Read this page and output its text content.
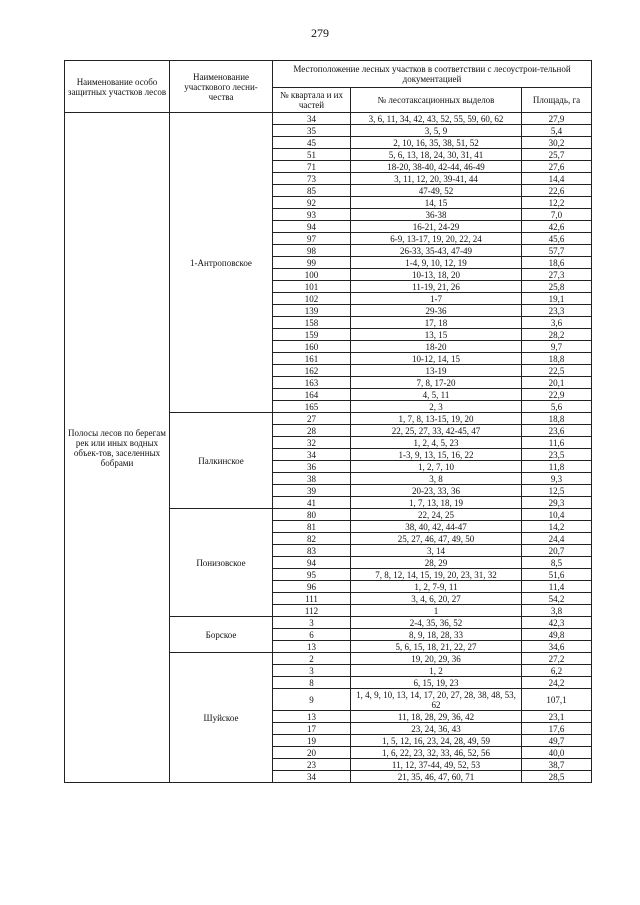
279
Наименование особо защитных участков лесов	Наименование участкового лесни-чества	Местоположение лесных участков в соответствии с лесоустрои-тельной документацией		
		№ квартала и их частей	№ лесотаксационных выделов	Площадь, га
Полосы лесов по берегам рек или иных водных объек-тов, заселенных бобрами	1-Антроповское	34	3, 6, 11, 34, 42, 43, 52, 55, 59, 60, 62	27,9
		35	3, 5, 9	5,4
		45	2, 10, 16, 35, 38, 51, 52	30,2
		51	5, 6, 13, 18, 24, 30, 31, 41	25,7
		71	18-20, 38-40, 42-44, 46-49	27,6
		73	3, 11, 12, 20, 39-41, 44	14,4
		85	47-49, 52	22,6
		92	14, 15	12,2
		93	36-38	7,0
		94	16-21, 24-29	42,6
		97	6-9, 13-17, 19, 20, 22, 24	45,6
		98	26-33, 35-43, 47-49	57,7
		99	1-4, 9, 10, 12, 19	18,6
		100	10-13, 18, 20	27,3
		101	11-19, 21, 26	25,8
		102	1-7	19,1
		139	29-36	23,3
		158	17, 18	3,6
		159	13, 15	28,2
		160	18-20	9,7
		161	10-12, 14, 15	18,8
		162	13-19	22,5
		163	7, 8, 17-20	20,1
		164	4, 5, 11	22,9
		165	2, 3	5,6
	Палкинское	27	1, 7, 8, 13-15, 19, 20	18,8
		28	22, 25, 27, 33, 42-45, 47	23,6
		32	1, 2, 4, 5, 23	11,6
		34	1-3, 9, 13, 15, 16, 22	23,5
		36	1, 2, 7, 10	11,8
		38	3, 8	9,3
		39	20-23, 33, 36	12,5
		41	1, 7, 13, 18, 19	29,3
	Понизовское	80	22, 24, 25	10,4
		81	38, 40, 42, 44-47	14,2
		82	25, 27, 46, 47, 49, 50	24,4
		83	3, 14	20,7
		94	28, 29	8,5
		95	7, 8, 12, 14, 15, 19, 20, 23, 31, 32	51,6
		96	1, 2, 7-9, 11	11,4
		111	3, 4, 6, 20, 27	54,2
		112	1	3,8
	Борское	3	2-4, 35, 36, 52	42,3
		6	8, 9, 18, 28, 33	49,8
		13	5, 6, 15, 18, 21, 22, 27	34,6
	Шуйское	2	19, 20, 29, 36	27,2
		3	1, 2	6,2
		8	6, 15, 19, 23	24,2
		9	1, 4, 9, 10, 13, 14, 17, 20, 27, 28, 38, 48, 53, 62	107,1
		13	11, 18, 28, 29, 36, 42	23,1
		17	23, 24, 36, 43	17,6
		19	1, 5, 12, 16, 23, 24, 28, 49, 59	49,7
		20	1, 6, 22, 23, 32, 33, 46, 52, 56	40,0
		23	11, 12, 37-44, 49, 52, 53	38,7
		34	21, 35, 46, 47, 60, 71	28,5
